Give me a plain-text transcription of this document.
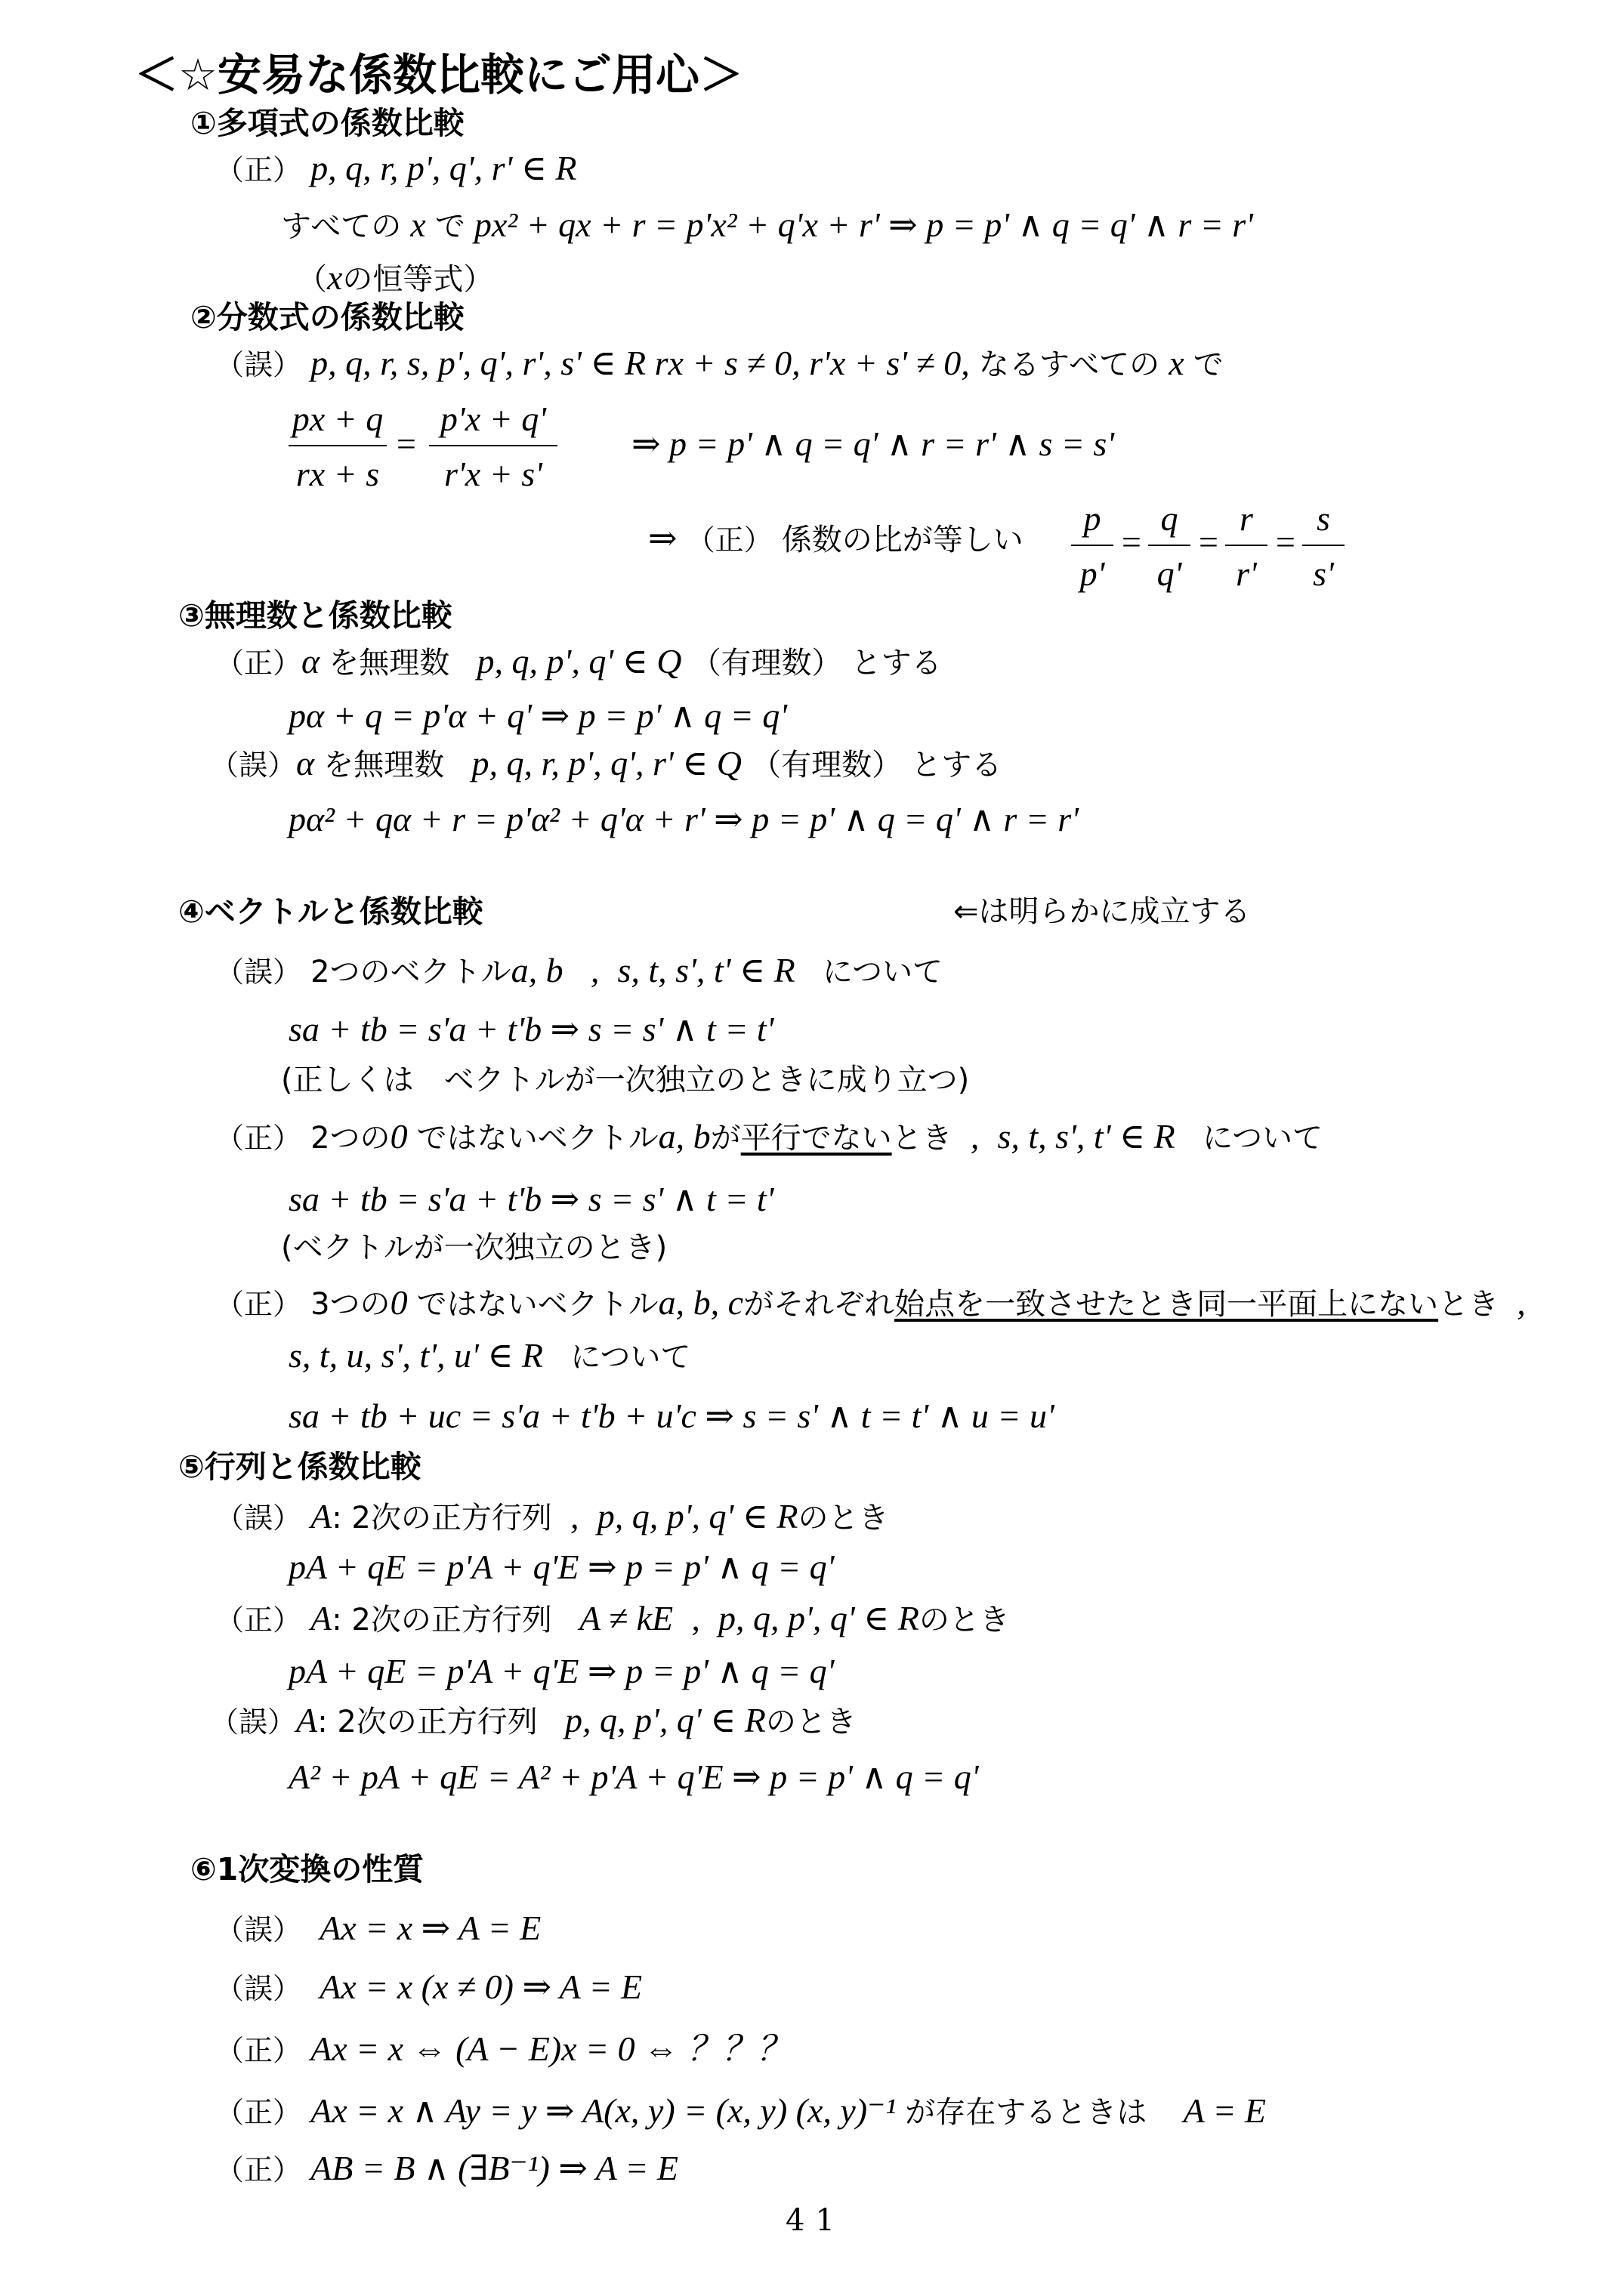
＜☆安易な係数比較にご用心＞
①多項式の係数比較
（正） p, q, r, p', q', r' ∈ R
すべての x で px² + qx + r = p'x² + q'x + r' ⇒ p = p' ∧ q = q' ∧ r = r'
（xの恒等式）
②分数式の係数比較
（誤） p, q, r, s, p', q', r', s' ∈ R rx + s ≠ 0, r'x + s' ≠ 0, なるすべての x で
$\frac{px + q}{rx + s} = \frac{p'x + q'}{r'x + s'}$ ⇒ p = p' ∧ q = q' ∧ r = r' ∧ s = s'
⇒ （正） 係数の比が等しい $\frac{p}{p'} = \frac{q}{q'} = \frac{r}{r'} = \frac{s}{s'}$
③無理数と係数比較
（正）α を無理数 p, q, p', q' ∈ Q （有理数） とする
pα + q = p'α + q' ⇒ p = p' ∧ q = q'
（誤）α を無理数 p, q, r, p', q', r' ∈ Q （有理数） とする
pα² + qα + r = p'α² + q'α + r' ⇒ p = p' ∧ q = q' ∧ r = r'
④ベクトルと係数比較	⇐は明らかに成立する
（誤） 2つのベクトルa, b , s, t, s', t' ∈ R について
sa + tb = s'a + t'b ⇒ s = s' ∧ t = t'
(正しくは　ベクトルが一次独立のときに成り立つ)
（正） 2つの0 ではないベクトルa, bが平行でないとき , s, t, s', t' ∈ R について
sa + tb = s'a + t'b ⇒ s = s' ∧ t = t'
(ベクトルが一次独立のとき)
（正） 3つの0 ではないベクトルa, b, cがそれぞれ始点を一致させたとき同一平面上にないとき ,
s, t, u, s', t', u' ∈ R について
sa + tb + uc = s'a + t'b + u'c ⇒ s = s' ∧ t = t' ∧ u = u'
⑤行列と係数比較
（誤） A: 2次の正方行列 , p, q, p', q' ∈ Rのとき
pA + qE = p'A + q'E ⇒ p = p' ∧ q = q'
（正） A: 2次の正方行列 A ≠ kE , p, q, p', q' ∈ Rのとき
pA + qE = p'A + q'E ⇒ p = p' ∧ q = q'
（誤）A: 2次の正方行列 p, q, p', q' ∈ Rのとき
A² + pA + qE = A² + p'A + q'E ⇒ p = p' ∧ q = q'
⑥1次変換の性質
（誤） Ax = x ⇒ A = E
（誤） Ax = x (x ≠ 0) ⇒ A = E
（正） Ax = x ⇔ (A − E)x = 0 ⇔ ？？？
（正） Ax = x ∧ Ay = y ⇒ A(x, y) = (x, y) (x, y)⁻¹ が存在するときは A = E
（正） AB = B ∧ (∃B⁻¹) ⇒ A = E
41
